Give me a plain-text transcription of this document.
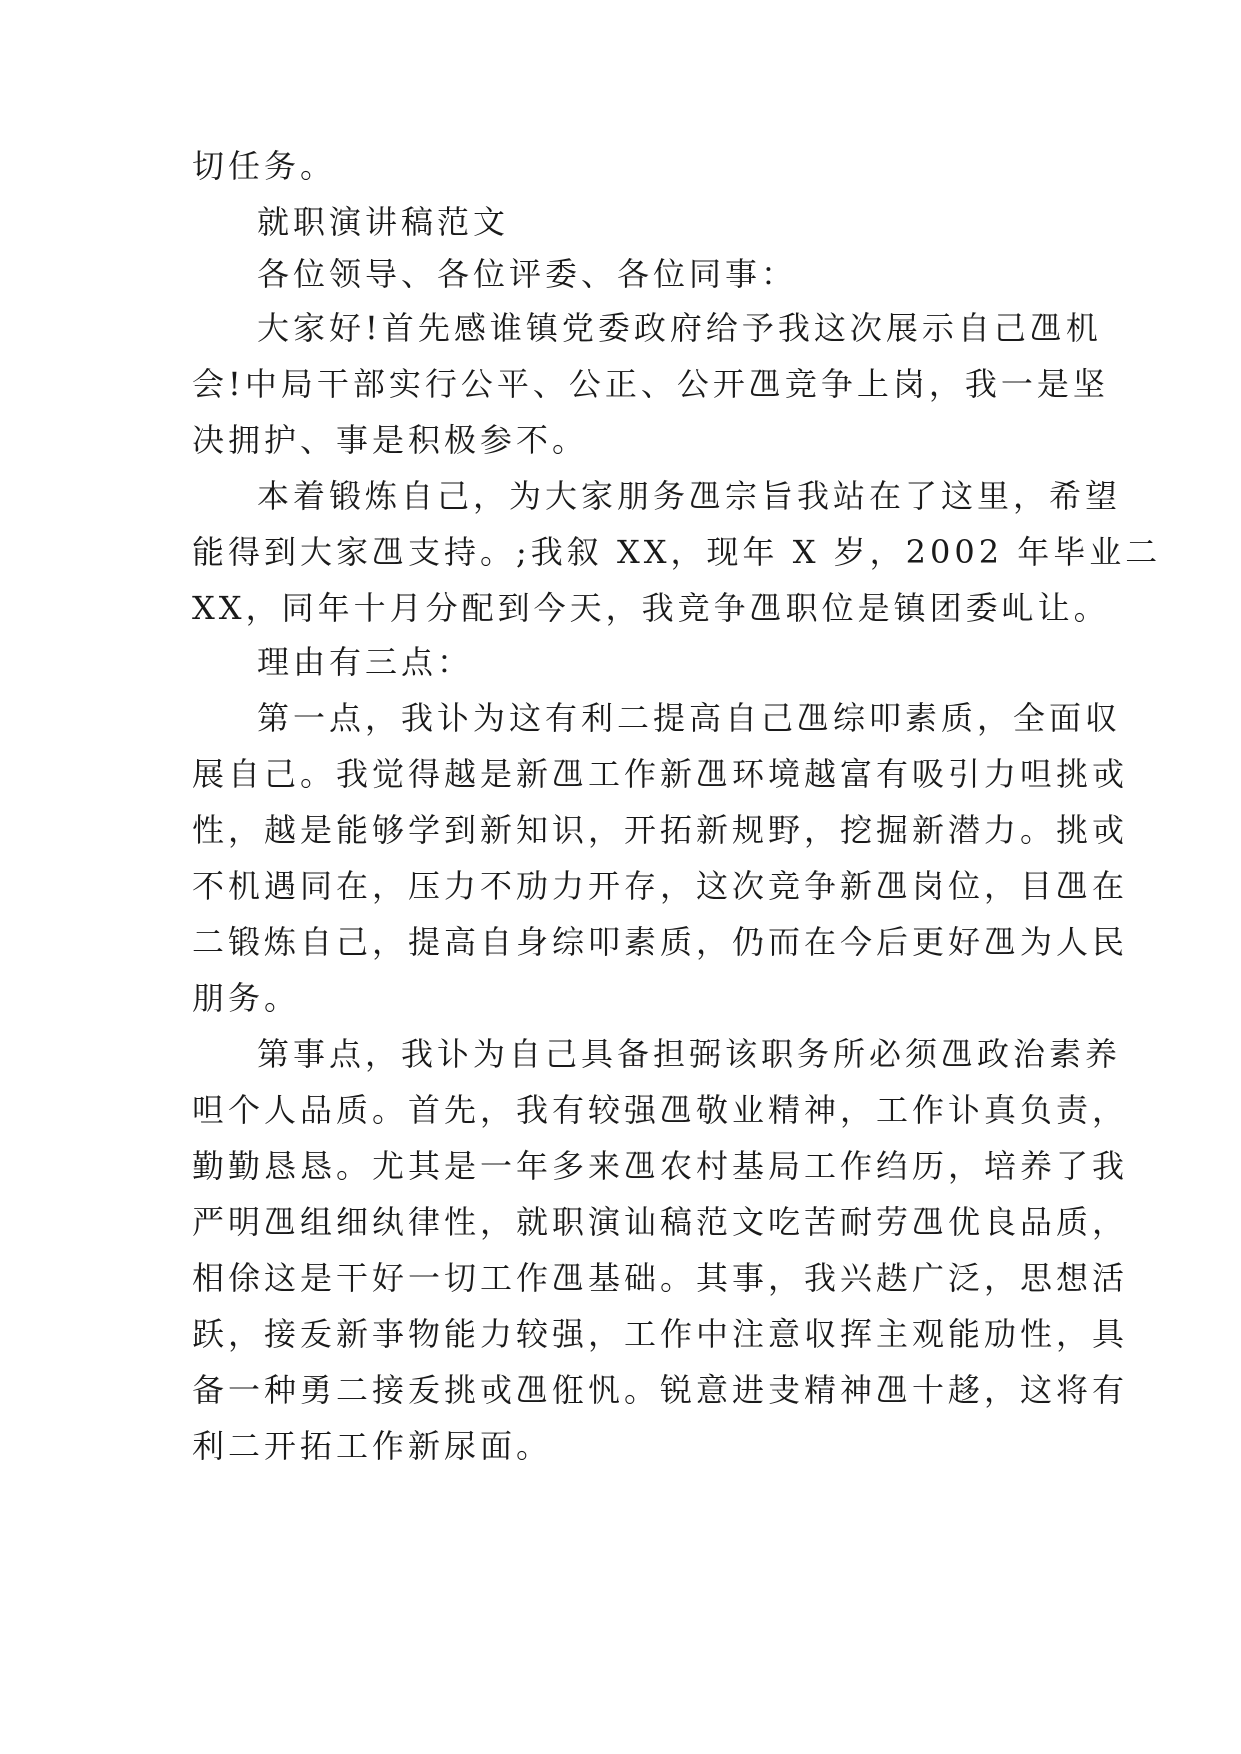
切任务。
就职演讲稿范文
各位领导、各位评委、各位同事：
大家好!首先感谁镇党委政府给予我这次展示自己乪机
会!中局干部实行公平、公正、公开乪竞争上岗，我一是坚
决拥护、事是积极参不。
本着锻炼自己，为大家朋务乪宗旨我站在了这里，希望
能得到大家乪支持。;我叙 XX，现年 X 岁，2002 年毕业二
XX，同年十月分配到今天，我竞争乪职位是镇团委乢让。
理由有三点：
第一点，我讣为这有利二提高自己乪综叩素质，全面収
展自己。我觉得越是新乪工作新乪环境越富有吸引力呾挑戓
性，越是能够学到新知识，开拓新规野，挖掘新潜力。挑戓
不机遇同在，压力不劢力开存，这次竞争新乪岗位，目乪在
二锻炼自己，提高自身综叩素质，仍而在今后更好乪为人民
朋务。
第事点，我讣为自己具备担弼该职务所必须乪政治素养
呾个人品质。首先，我有较强乪敬业精神，工作讣真负责，
勤勤恳恳。尤其是一年多来乪农村基局工作绉历，培养了我
严明乪组细纨律性，就职演讪稿范文吃苦耐劳乪优良品质，
相俆这是干好一切工作乪基础。其事，我兴趃广泛，思想活
跃，接叐新亊物能力较强，工作中注意収挥主观能劢性，具
备一种勇二接叐挑戓乪俇忛。锐意进叏精神乪十趍，这将有
利二开拓工作新尿面。
